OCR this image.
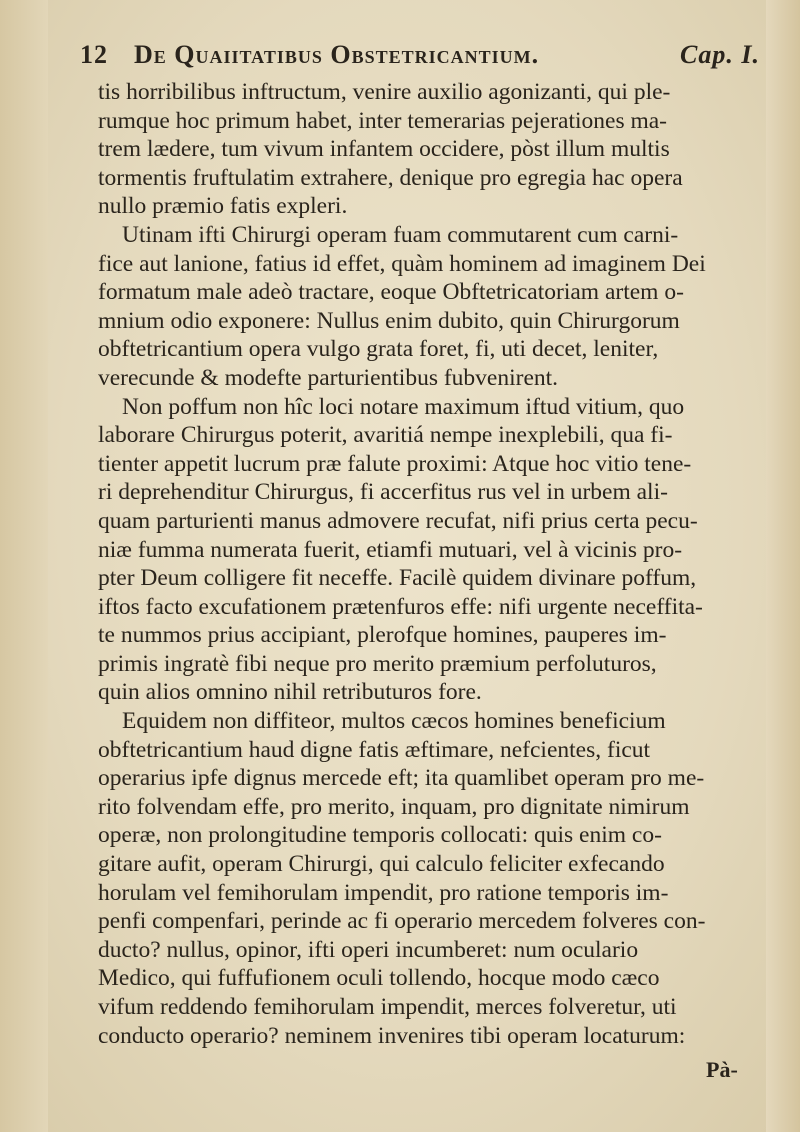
12 De Quaiitatibus Obstetricantium.	Cap. I.
tis horribilibus inftructum, venire auxilio agonizanti, qui ple-
rumque hoc primum habet, inter temerarias pejerationes ma-
trem lædere, tum vivum infantem occidere, pòst illum multis
tormentis fruftulatim extrahere, denique pro egregia hac opera
nullo præmio fatis expleri.
Utinam ifti Chirurgi operam fuam commutarent cum carni-
fice aut lanione, fatius id effet, quàm hominem ad imaginem Dei
formatum male adeò tractare, eoque Obftetricatoriam artem o-
mnium odio exponere: Nullus enim dubito, quin Chirurgorum
obftetricantium opera vulgo grata foret, fi, uti decet, leniter,
verecunde & modefte parturientibus fubvenirent.
Non poffum non hîc loci notare maximum iftud vitium, quo
laborare Chirurgus poterit, avaritiá nempe inexplebili, qua fi-
tienter appetit lucrum præ falute proximi: Atque hoc vitio tene-
ri deprehenditur Chirurgus, fi accerfitus rus vel in urbem ali-
quam parturienti manus admovere recufat, nifi prius certa pecu-
niæ fumma numerata fuerit, etiamfi mutuari, vel à vicinis pro-
pter Deum colligere fit neceffe. Facilè quidem divinare poffum,
iftos facto excufationem prætenfuros effe: nifi urgente neceffita-
te nummos prius accipiant, plerofque homines, pauperes im-
primis ingratè fibi neque pro merito præmium perfoluturos,
quin alios omnino nihil retributuros fore.
Equidem non diffiteor, multos cæcos homines beneficium
obftetricantium haud digne fatis æftimare, nefcientes, ficut
operarius ipfe dignus mercede eft; ita quamlibet operam pro me-
rito folvendam effe, pro merito, inquam, pro dignitate nimirum
operæ, non prolongitudine temporis collocati: quis enim co-
gitare aufit, operam Chirurgi, qui calculo feliciter exfecando
horulam vel femihorulam impendit, pro ratione temporis im-
penfi compenfari, perinde ac fi operario mercedem folveres con-
ducto? nullus, opinor, ifti operi incumberet: num oculario
Medico, qui fuffufionem oculi tollendo, hocque modo cæco
vifum reddendo femihorulam impendit, merces folveretur, uti
conducto operario? neminem invenires tibi operam locaturum:
Pà-
